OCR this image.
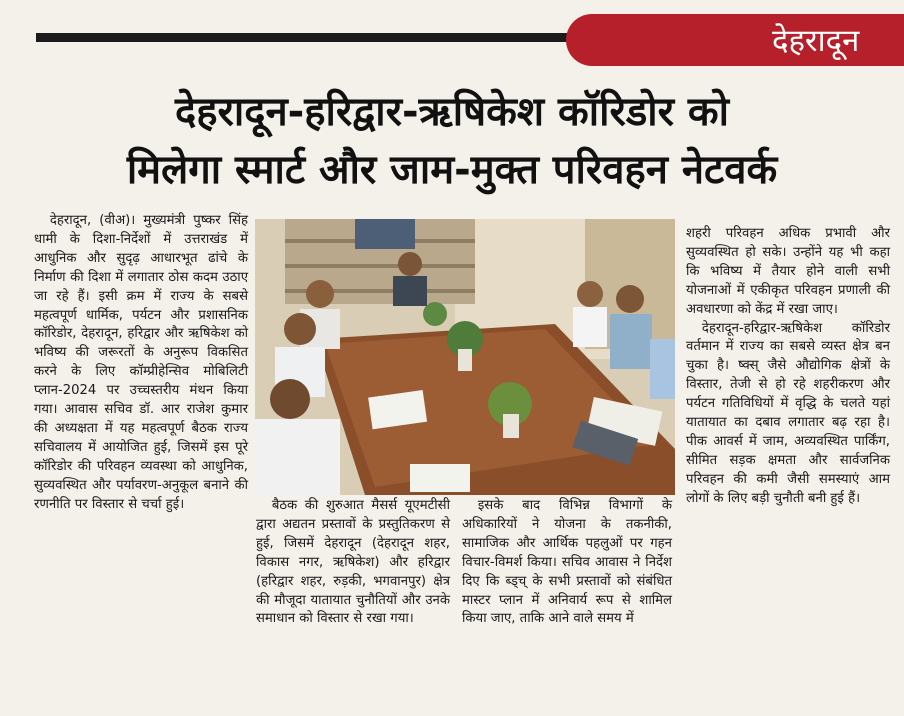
देहरादून
देहरादून-हरिद्वार-ऋषिकेश कॉरिडोर को
मिलेगा स्मार्ट और जाम-मुक्त परिवहन नेटवर्क

देहरादून, (वीअ)। मुख्यमंत्री पुष्कर सिंह धामी के दिशा-निर्देशों में उत्तराखंड में आधुनिक और सुदृढ़ आधारभूत ढांचे के निर्माण की दिशा में लगातार ठोस कदम उठाए जा रहे हैं। इसी क्रम में राज्य के सबसे महत्वपूर्ण धार्मिक, पर्यटन और प्रशासनिक कॉरिडोर, देहरादून, हरिद्वार और ऋषिकेश को भविष्य की जरूरतों के अनुरूप विकसित करने के लिए कॉम्प्रीहेन्सिव मोबिलिटी प्लान-2024 पर उच्चस्तरीय मंथन किया गया। आवास सचिव डॉ. आर राजेश कुमार की अध्यक्षता में यह महत्वपूर्ण बैठक राज्य सचिवालय में आयोजित हुई, जिसमें इस पूरे कॉरिडोर की परिवहन व्यवस्था को आधुनिक, सुव्यवस्थित और पर्यावरण-अनुकूल बनाने की रणनीति पर विस्तार से चर्चा हुई।	बैठक की शुरुआत मैसर्स यूएमटीसी द्वारा अद्यतन प्रस्तावों के प्रस्तुतिकरण से हुई, जिसमें देहरादून (देहरादून शहर, विकास नगर, ऋषिकेश) और हरिद्वार (हरिद्वार शहर, रुड़की, भगवानपुर) क्षेत्र की मौजूदा यातायात चुनौतियों और उनके समाधान को विस्तार से रखा गया।

इसके बाद विभिन्न विभागों के अधिकारियों ने योजना के तकनीकी, सामाजिक और आर्थिक पहलुओं पर गहन विचार-विमर्श किया। सचिव आवास ने निर्देश दिए कि ब्ड्च् के सभी प्रस्तावों को संबंधित मास्टर प्लान में अनिवार्य रूप से शामिल किया जाए, ताकि आने वाले समय में

शहरी परिवहन अधिक प्रभावी और सुव्यवस्थित हो सके। उन्होंने यह भी कहा कि भविष्य में तैयार होने वाली सभी योजनाओं में एकीकृत परिवहन प्रणाली की अवधारणा को केंद्र में रखा जाए।

देहरादून-हरिद्वार-ऋषिकेश कॉरिडोर वर्तमान में राज्य का सबसे व्यस्त क्षेत्र बन चुका है। ष्क्स् जैसे औद्योगिक क्षेत्रों के विस्तार, तेजी से हो रहे शहरीकरण और पर्यटन गतिविधियों में वृद्धि के चलते यहां यातायात का दबाव लगातार बढ़ रहा है। पीक आवर्स में जाम, अव्यवस्थित पार्किंग, सीमित सड़क क्षमता और सार्वजनिक परिवहन की कमी जैसी समस्याएं आम लोगों के लिए बड़ी चुनौती बनी हुई हैं।
